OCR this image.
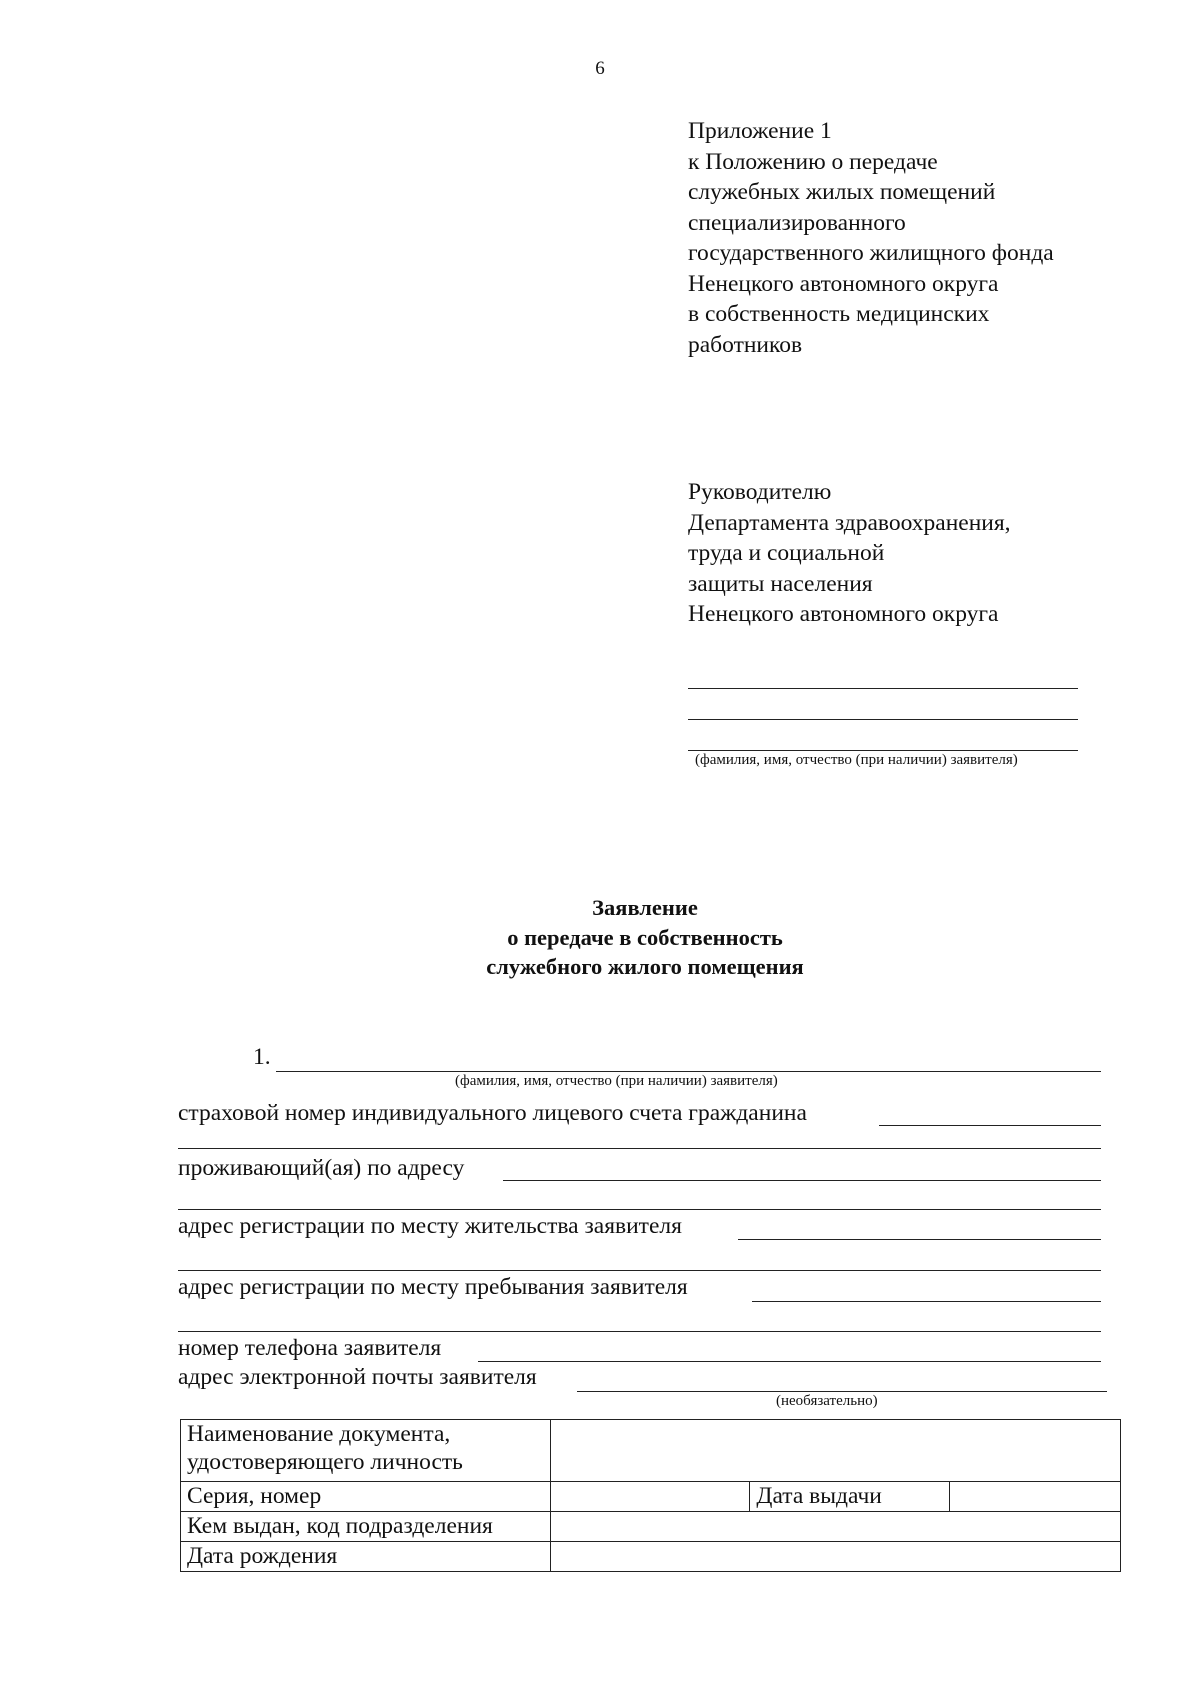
6
Приложение 1
к Положению о передаче
служебных жилых помещений
специализированного
государственного жилищного фонда
Ненецкого автономного округа
в собственность медицинских
работников
Руководителю
Департамента здравоохранения,
труда и социальной
защиты населения
Ненецкого автономного округа
(фамилия, имя, отчество (при наличии) заявителя)
Заявление
о передаче в собственность
служебного жилого помещения
1.
(фамилия, имя, отчество (при наличии) заявителя)
страховой номер индивидуального лицевого счета гражданина
проживающий(ая) по адресу
адрес регистрации по месту жительства заявителя
адрес регистрации по месту пребывания заявителя
номер телефона заявителя
адрес электронной почты заявителя
(необязательно)
Наименование документа, удостоверяющего личность			
Серия, номер		Дата выдачи	
Кем выдан, код подразделения			
Дата рождения			
